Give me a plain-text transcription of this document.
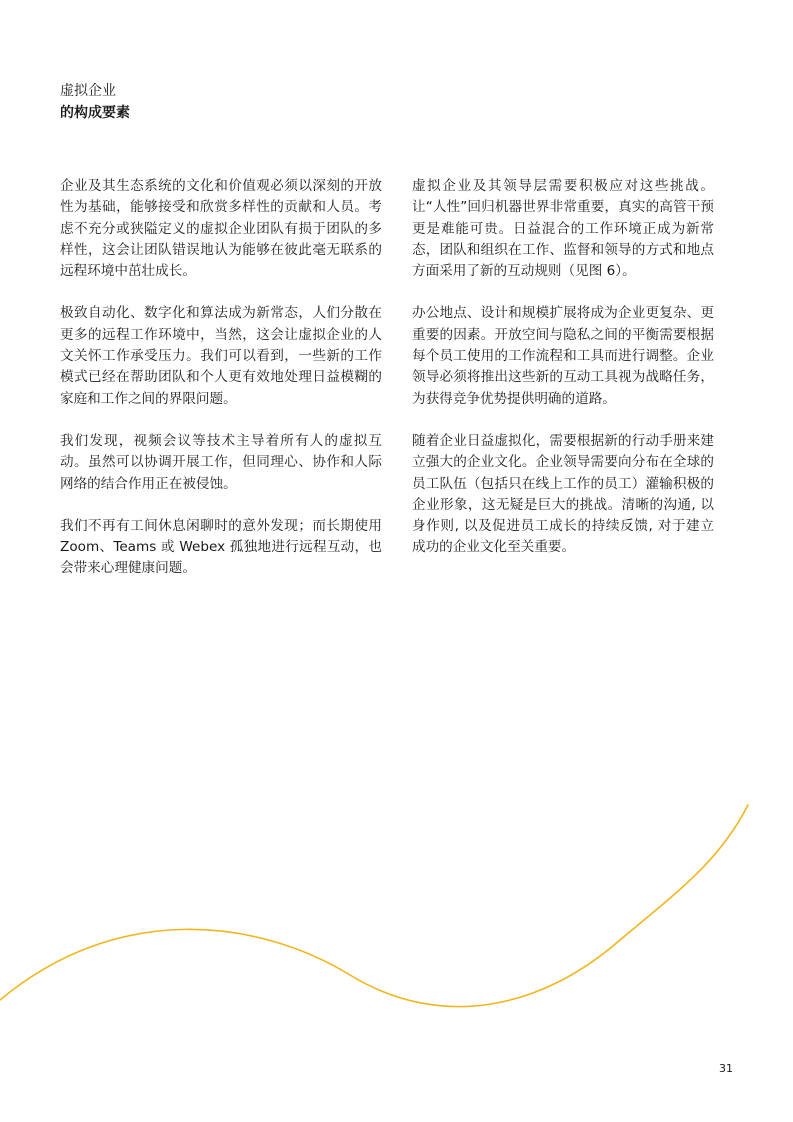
虚拟企业
的构成要素

企业及其生态系统的文化和价值观必须以深刻的开放性为基础，能够接受和欣赏多样性的贡献和人员。考虑不充分或狭隘定义的虚拟企业团队有损于团队的多样性，这会让团队错误地认为能够在彼此毫无联系的远程环境中茁壮成长。

极致自动化、数字化和算法成为新常态，人们分散在更多的远程工作环境中，当然，这会让虚拟企业的人文关怀工作承受压力。我们可以看到，一些新的工作模式已经在帮助团队和个人更有效地处理日益模糊的家庭和工作之间的界限问题。

我们发现，视频会议等技术主导着所有人的虚拟互动。虽然可以协调开展工作，但同理心、协作和人际网络的结合作用正在被侵蚀。

我们不再有工间休息闲聊时的意外发现；而长期使用 Zoom、Teams 或 Webex 孤独地进行远程互动，也会带来心理健康问题。

虚拟企业及其领导层需要积极应对这些挑战。让“人性”回归机器世界非常重要，真实的高管干预更是难能可贵。日益混合的工作环境正成为新常态，团队和组织在工作、监督和领导的方式和地点方面采用了新的互动规则（见图 6）。

办公地点、设计和规模扩展将成为企业更复杂、更重要的因素。开放空间与隐私之间的平衡需要根据每个员工使用的工作流程和工具而进行调整。企业领导必须将推出这些新的互动工具视为战略任务，为获得竞争优势提供明确的道路。

随着企业日益虚拟化，需要根据新的行动手册来建立强大的企业文化。企业领导需要向分布在全球的员工队伍（包括只在线上工作的员工）灌输积极的企业形象，这无疑是巨大的挑战。清晰的沟通, 以身作则, 以及促进员工成长的持续反馈, 对于建立成功的企业文化至关重要。

31
